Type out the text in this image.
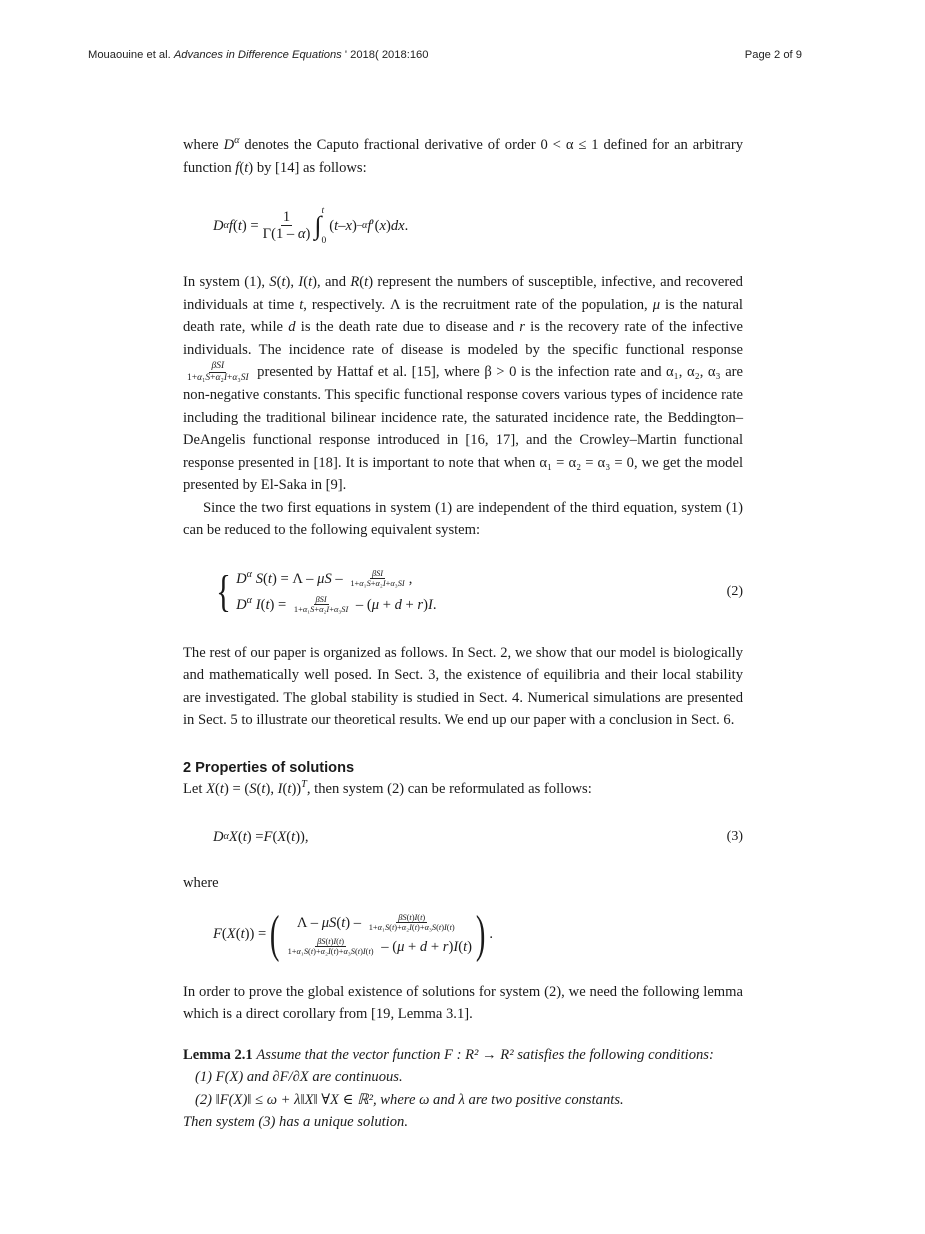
Mouaouine et al. Advances in Difference Equations ' 2018( 2018:160	Page 2 of 9

where $D^\alpha$ denotes the Caputo fractional derivative of order 0 < α ≤ 1 defined for an arbitrary function f(t) by [14] as follows:

D α f ( t ) = $\frac{1}{\Gamma(1 - \alpha)}$ ∫ t
0
( t – x ) –α f ′( x ) dx .

In system (1), S(t), I(t), and R(t) represent the numbers of susceptible, infective, and recovered individuals at time t, respectively. Λ is the recruitment rate of the population, μ is the natural death rate, while d is the death rate due to disease and r is the recovery rate of the infective individuals. The incidence rate of disease is modeled by the specific functional response
$\frac{\text{βSI}}{\text{1+α₁S+α₂I+α₃SI}}$ presented by Hattaf et al. [15], where β > 0 is the infection rate and α₁, α₂, α₃ are non-negative constants. This specific functional response covers various types of incidence rate including the traditional bilinear incidence rate, the saturated incidence rate, the Beddington–DeAngelis functional response introduced in [16, 17], and the Crowley–Martin functional response presented in [18]. It is important to note that when α₁ = α₂ = α₃ = 0, we get the model presented by El-Saka in [9].

Since the two first equations in system (1) are independent of the third equation, system (1) can be reduced to the following equivalent system:

{ $D^\alpha$ $S(t) = \Lambda - \mu S - \frac{\text{βSI}}{\text{1+α₁S+α₂I+α₃SI}}$ ,
$D^\alpha$ $I(t) = \frac{\text{βSI}}{\text{1+α₁S+α₂I+α₃SI}} - (\mu + d + r)I$.
(2)

The rest of our paper is organized as follows. In Sect. 2, we show that our model is biologically and mathematically well posed. In Sect. 3, the existence of equilibria and their local stability are investigated. The global stability is studied in Sect. 4. Numerical simulations are presented in Sect. 5 to illustrate our theoretical results. We end up our paper with a conclusion in Sect. 6.

2 Properties of solutions

Let X(t) = (S(t), I(t))$^T$, then system (2) can be reformulated as follows:

D α X ( t ) = F ( X ( t )),	(3)

where

F ( X ( t )) = (	Λ – $\mu S(t) - \frac{\beta S(t)I(t)}{\text{1+α₁S(t)+α₂I(t)+α₃S(t)I(t)}}$
$\frac{\beta S(t)I(t)}{\text{1+α₁S(t)+α₂I(t)+α₃S(t)I(t)}} - (\mu + d + r)I(t)$ ) .

In order to prove the global existence of solutions for system (2), we need the following lemma which is a direct corollary from [19, Lemma 3.1].

Lemma 2.1 Assume that the vector function F : R² → R² satisfies the following conditions:
(1) F(X) and ∂F/∂X are continuous.
(2) ‖F(X)‖ ≤ ω + λ‖X‖ ∀X ∈ ℝ², where ω and λ are two positive constants.
Then system (3) has a unique solution.
